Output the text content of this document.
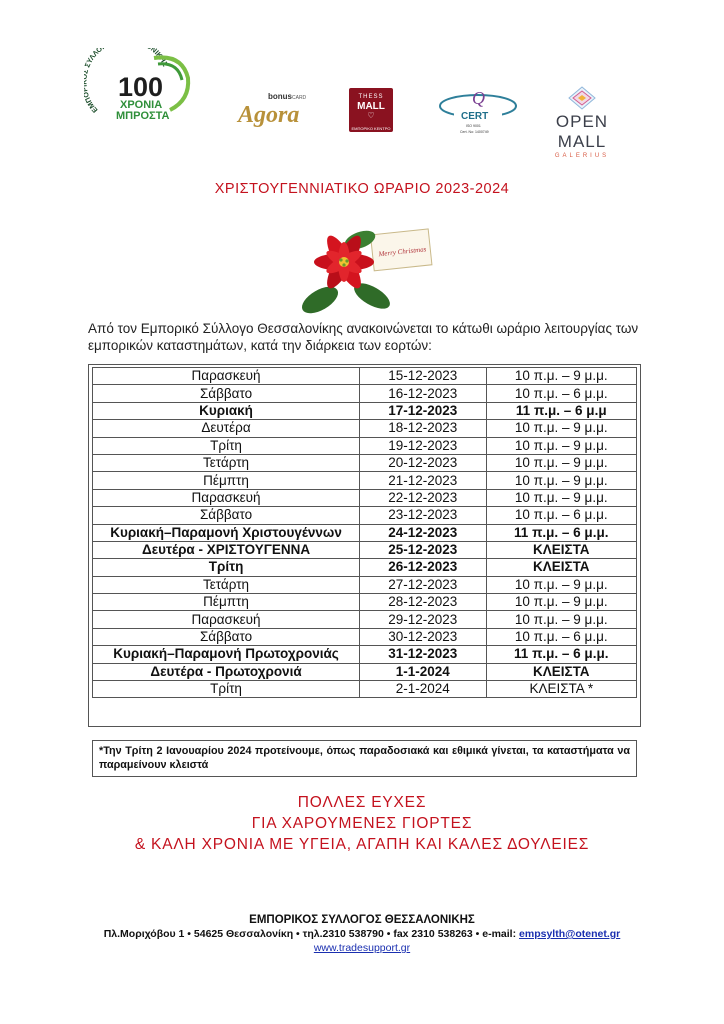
ΕΜ ΥΛΛΟ ΝΙΚΗΣ
100
ΧΡΟΝΙΑ
ΜΠΡΟΣΤΑ
bonus CARD
Agora
THESS
MALL
♡
ΕΜΠΟΡΙΚΟ ΚΕΝΤΡΟ
Q
CERT
ISO 9001
Cert. No: 1400749
OPEN MALL
GALERIUS
ΧΡΙΣΤΟΥΓΕΝΝΙΑΤΙΚΟ ΩΡΑΡΙΟ 2023-2024
Merry Christmas
Από τον Εμπορικό Σύλλογο Θεσσαλονίκης ανακοινώνεται το κάτωθι ωράριο λειτουργίας των εμπορικών καταστημάτων, κατά την διάρκεια των εορτών:
Παρασκευή	15-12-2023	10 π.μ. – 9 μ.μ.
Σάββατο	16-12-2023	10 π.μ. – 6 μ.μ.
Κυριακή	17-12-2023	11 π.μ. – 6 μ.μ
Δευτέρα	18-12-2023	10 π.μ. – 9 μ.μ.
Τρίτη	19-12-2023	10 π.μ. – 9 μ.μ.
Τετάρτη	20-12-2023	10 π.μ. – 9 μ.μ.
Πέμπτη	21-12-2023	10 π.μ. – 9 μ.μ.
Παρασκευή	22-12-2023	10 π.μ. – 9 μ.μ.
Σάββατο	23-12-2023	10 π.μ. – 6 μ.μ.
Κυριακή–Παραμονή Χριστουγέννων	24-12-2023	11 π.μ. – 6 μ.μ.
Δευτέρα - ΧΡΙΣΤΟΥΓΕΝΝΑ	25-12-2023	ΚΛΕΙΣΤΑ
Τρίτη	26-12-2023	ΚΛΕΙΣΤΑ
Τετάρτη	27-12-2023	10 π.μ. – 9 μ.μ.
Πέμπτη	28-12-2023	10 π.μ. – 9 μ.μ.
Παρασκευή	29-12-2023	10 π.μ. – 9 μ.μ.
Σάββατο	30-12-2023	10 π.μ. – 6 μ.μ.
Κυριακή–Παραμονή Πρωτοχρονιάς	31-12-2023	11 π.μ. – 6 μ.μ.
Δευτέρα - Πρωτοχρονιά	1-1-2024	ΚΛΕΙΣΤΑ
Τρίτη	2-1-2024	ΚΛΕΙΣΤΑ *
*Την Τρίτη 2 Ιανουαρίου 2024 προτείνουμε, όπως παραδοσιακά και εθιμικά γίνεται, τα καταστήματα να παραμείνουν κλειστά
ΠΟΛΛΕΣ ΕΥΧΕΣ
ΓΙΑ ΧΑΡΟΥΜΕΝΕΣ ΓΙΟΡΤΕΣ
& ΚΑΛΗ ΧΡΟΝΙΑ ΜΕ ΥΓΕΙΑ, ΑΓΑΠΗ ΚΑΙ ΚΑΛΕΣ ΔΟΥΛΕΙΕΣ
ΕΜΠΟΡΙΚΟΣ ΣΥΛΛΟΓΟΣ ΘΕΣΣΑΛΟΝΙΚΗΣ
Πλ.Μοριχόβου 1 • 54625 Θεσσαλονίκη • τηλ.2310 538790 • fax 2310 538263 • e-mail: empsylth@otenet.gr
www.tradesupport.gr
